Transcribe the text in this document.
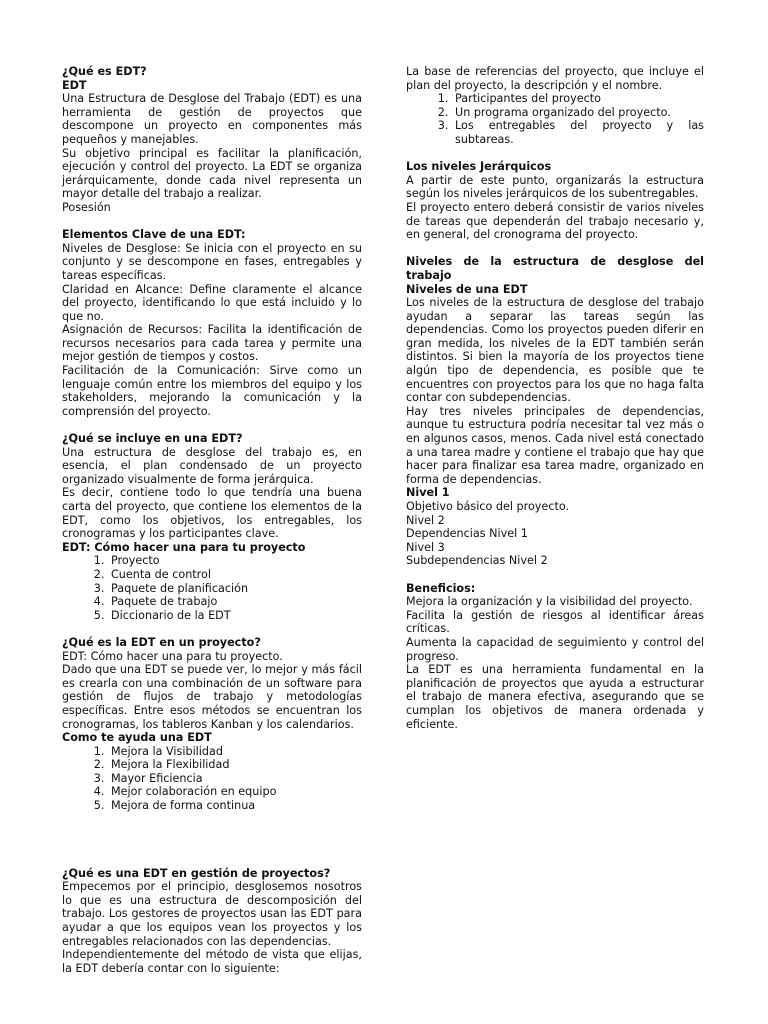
¿Qué es EDT?

EDT

Una Estructura de Desglose del Trabajo (EDT) es una herramienta de gestión de proyectos que descompone un proyecto en componentes más pequeños y manejables.

Su objetivo principal es facilitar la planificación, ejecución y control del proyecto. La EDT se organiza jerárquicamente, donde cada nivel representa un mayor detalle del trabajo a realizar.

Posesión

Elementos Clave de una EDT:

Niveles de Desglose: Se inicia con el proyecto en su conjunto y se descompone en fases, entregables y tareas específicas.

Claridad en Alcance: Define claramente el alcance del proyecto, identificando lo que está incluido y lo que no.

Asignación de Recursos: Facilita la identificación de recursos necesarios para cada tarea y permite una mejor gestión de tiempos y costos.

Facilitación de la Comunicación: Sirve como un lenguaje común entre los miembros del equipo y los stakeholders, mejorando la comunicación y la comprensión del proyecto.

¿Qué se incluye en una EDT?

Una estructura de desglose del trabajo es, en esencia, el plan condensado de un proyecto organizado visualmente de forma jerárquica.

Es decir, contiene todo lo que tendría una buena carta del proyecto, que contiene los elementos de la EDT, como los objetivos, los entregables, los cronogramas y los participantes clave.

EDT: Cómo hacer una para tu proyecto

1. Proyecto
2. Cuenta de control
3. Paquete de planificación
4. Paquete de trabajo
5. Diccionario de la EDT

¿Qué es la EDT en un proyecto?

EDT: Cómo hacer una para tu proyecto.

Dado que una EDT se puede ver, lo mejor y más fácil es crearla con una combinación de un software para gestión de flujos de trabajo y metodologías específicas. Entre esos métodos se encuentran los cronogramas, los tableros Kanban y los calendarios.

Como te ayuda una EDT

1. Mejora la Visibilidad
2. Mejora la Flexibilidad
3. Mayor Eficiencia
4. Mejor colaboración en equipo
5. Mejora de forma continua

¿Qué es una EDT en gestión de proyectos?

Empecemos por el principio, desglosemos nosotros lo que es una estructura de descomposición del trabajo. Los gestores de proyectos usan las EDT para ayudar a que los equipos vean los proyectos y los entregables relacionados con las dependencias.

Independientemente del método de vista que elijas, la EDT debería contar con lo siguiente:

La base de referencias del proyecto, que incluye el plan del proyecto, la descripción y el nombre.

1. Participantes del proyecto
2. Un programa organizado del proyecto.
3. Los entregables del proyecto y las subtareas.

Los niveles Jerárquicos

A partir de este punto, organizarás la estructura según los niveles jerárquicos de los subentregables.

El proyecto entero deberá consistir de varios niveles de tareas que dependerán del trabajo necesario y, en general, del cronograma del proyecto.

Niveles de la estructura de desglose del trabajo

Niveles de una EDT

Los niveles de la estructura de desglose del trabajo ayudan a separar las tareas según las dependencias. Como los proyectos pueden diferir en gran medida, los niveles de la EDT también serán distintos. Si bien la mayoría de los proyectos tiene algún tipo de dependencia, es posible que te encuentres con proyectos para los que no haga falta contar con subdependencias.

Hay tres niveles principales de dependencias, aunque tu estructura podría necesitar tal vez más o en algunos casos, menos. Cada nivel está conectado a una tarea madre y contiene el trabajo que hay que hacer para finalizar esa tarea madre, organizado en forma de dependencias.

Nivel 1

Objetivo básico del proyecto.

Nivel 2

Dependencias Nivel 1

Nivel 3

Subdependencias Nivel 2

Beneficios:

Mejora la organización y la visibilidad del proyecto.

Facilita la gestión de riesgos al identificar áreas críticas.

Aumenta la capacidad de seguimiento y control del progreso.

La EDT es una herramienta fundamental en la planificación de proyectos que ayuda a estructurar el trabajo de manera efectiva, asegurando que se cumplan los objetivos de manera ordenada y eficiente.
